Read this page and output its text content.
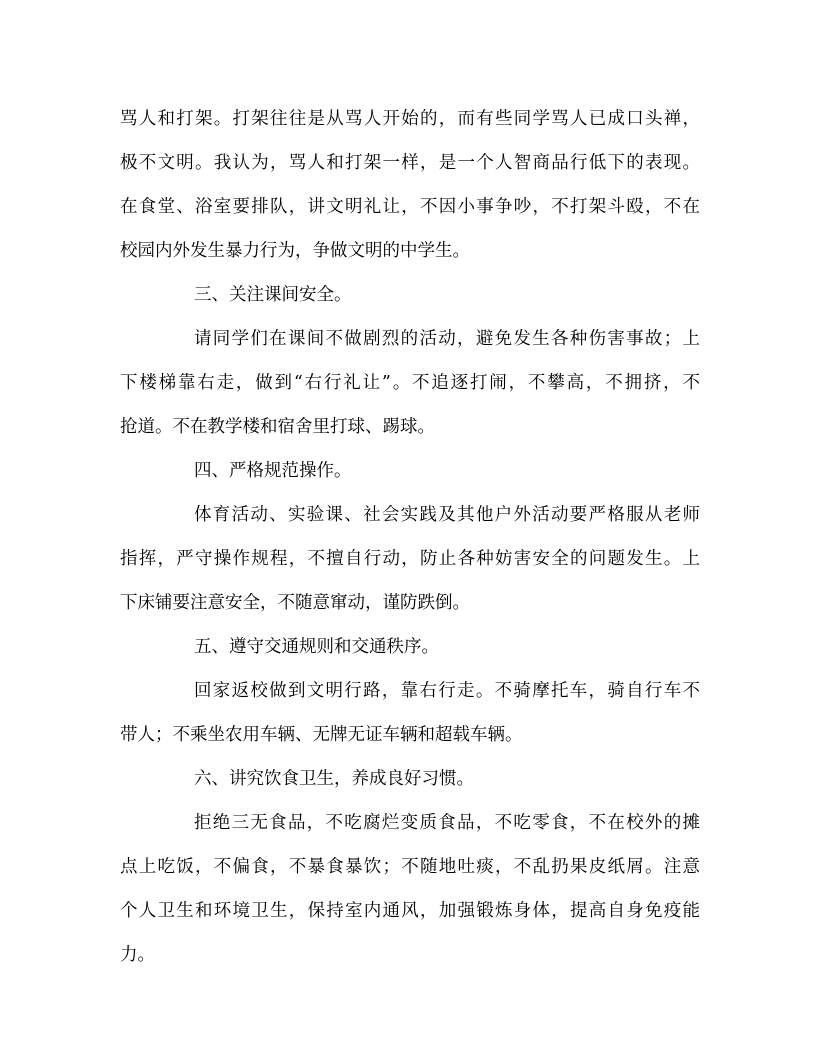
骂人和打架。打架往往是从骂人开始的，而有些同学骂人已成口头禅，
极不文明。我认为，骂人和打架一样，是一个人智商品行低下的表现。
在食堂、浴室要排队，讲文明礼让，不因小事争吵，不打架斗殴，不在
校园内外发生暴力行为，争做文明的中学生。
三、关注课间安全。
请同学们在课间不做剧烈的活动，避免发生各种伤害事故；上
下楼梯靠右走，做到“右行礼让”。不追逐打闹，不攀高，不拥挤，不
抢道。不在教学楼和宿舍里打球、踢球。
四、严格规范操作。
体育活动、实验课、社会实践及其他户外活动要严格服从老师
指挥，严守操作规程，不擅自行动，防止各种妨害安全的问题发生。上
下床铺要注意安全，不随意窜动，谨防跌倒。
五、遵守交通规则和交通秩序。
回家返校做到文明行路，靠右行走。不骑摩托车，骑自行车不
带人；不乘坐农用车辆、无牌无证车辆和超载车辆。
六、讲究饮食卫生，养成良好习惯。
拒绝三无食品，不吃腐烂变质食品，不吃零食，不在校外的摊
点上吃饭，不偏食，不暴食暴饮；不随地吐痰，不乱扔果皮纸屑。注意
个人卫生和环境卫生，保持室内通风，加强锻炼身体，提高自身免疫能
力。
